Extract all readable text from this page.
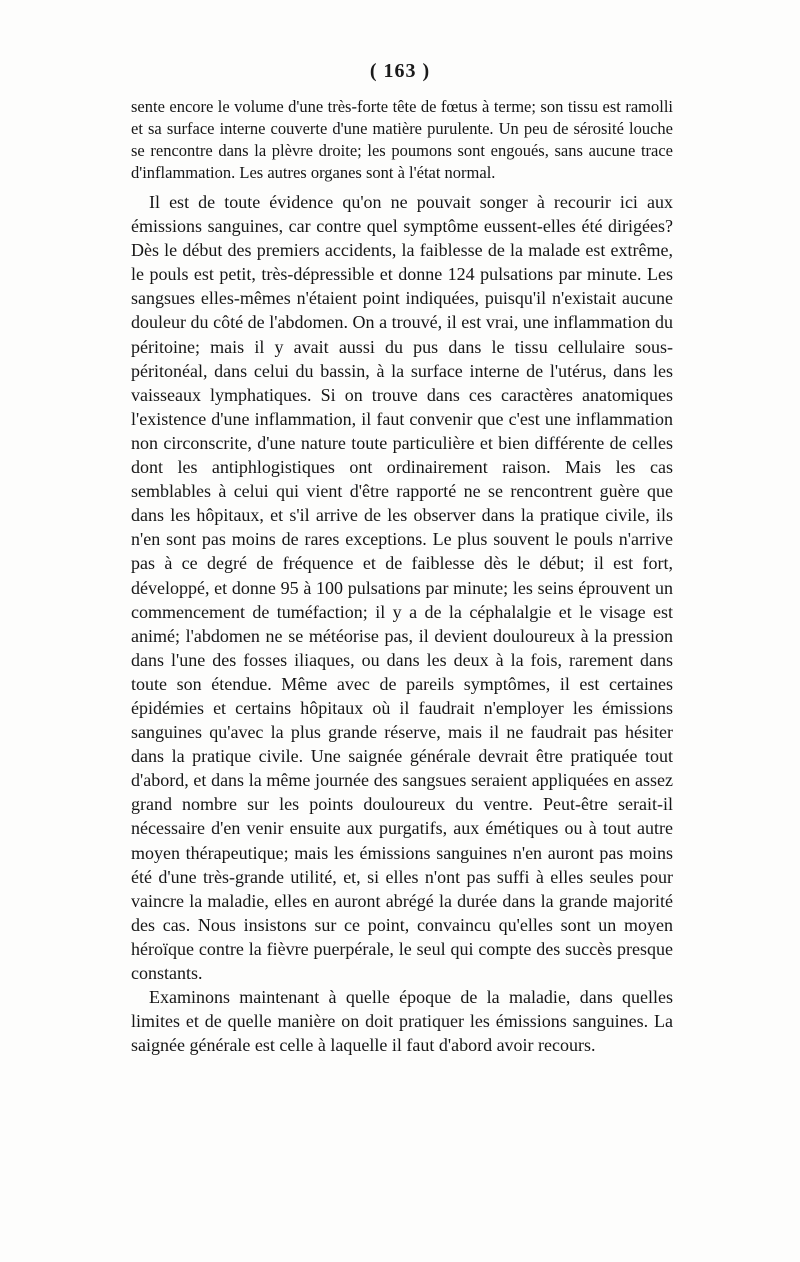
( 163 )

sente encore le volume d'une très-forte tête de fœtus à terme; son tissu est ramolli et sa surface interne couverte d'une matière purulente. Un peu de sérosité louche se rencontre dans la plèvre droite; les poumons sont engoués, sans aucune trace d'inflammation. Les autres organes sont à l'état normal.

Il est de toute évidence qu'on ne pouvait songer à recourir ici aux émissions sanguines, car contre quel symptôme eussent-elles été dirigées? Dès le début des premiers accidents, la faiblesse de la malade est extrême, le pouls est petit, très-dépressible et donne 124 pulsations par minute. Les sangsues elles-mêmes n'étaient point indiquées, puisqu'il n'existait aucune douleur du côté de l'abdomen. On a trouvé, il est vrai, une inflammation du péritoine; mais il y avait aussi du pus dans le tissu cellulaire sous-péritonéal, dans celui du bassin, à la surface interne de l'utérus, dans les vaisseaux lymphatiques. Si on trouve dans ces caractères anatomiques l'existence d'une inflammation, il faut convenir que c'est une inflammation non circonscrite, d'une nature toute particulière et bien différente de celles dont les antiphlogistiques ont ordinairement raison. Mais les cas semblables à celui qui vient d'être rapporté ne se rencontrent guère que dans les hôpitaux, et s'il arrive de les observer dans la pratique civile, ils n'en sont pas moins de rares exceptions. Le plus souvent le pouls n'arrive pas à ce degré de fréquence et de faiblesse dès le début; il est fort, développé, et donne 95 à 100 pulsations par minute; les seins éprouvent un commencement de tuméfaction; il y a de la céphalalgie et le visage est animé; l'abdomen ne se météorise pas, il devient douloureux à la pression dans l'une des fosses iliaques, ou dans les deux à la fois, rarement dans toute son étendue. Même avec de pareils symptômes, il est certaines épidémies et certains hôpitaux où il faudrait n'employer les émissions sanguines qu'avec la plus grande réserve, mais il ne faudrait pas hésiter dans la pratique civile. Une saignée générale devrait être pratiquée tout d'abord, et dans la même journée des sangsues seraient appliquées en assez grand nombre sur les points douloureux du ventre. Peut-être serait-il nécessaire d'en venir ensuite aux purgatifs, aux émétiques ou à tout autre moyen thérapeutique; mais les émissions sanguines n'en auront pas moins été d'une très-grande utilité, et, si elles n'ont pas suffi à elles seules pour vaincre la maladie, elles en auront abrégé la durée dans la grande majorité des cas. Nous insistons sur ce point, convaincu qu'elles sont un moyen héroïque contre la fièvre puerpérale, le seul qui compte des succès presque constants.

Examinons maintenant à quelle époque de la maladie, dans quelles limites et de quelle manière on doit pratiquer les émissions sanguines. La saignée générale est celle à laquelle il faut d'abord avoir recours.
